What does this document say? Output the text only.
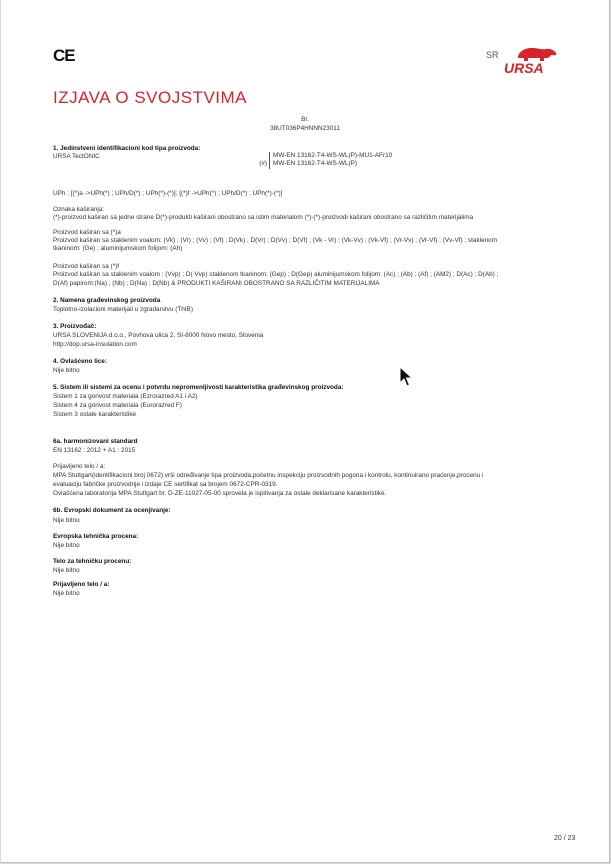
CE	SR
URSA
IZJAVA O SVOJSTVIMA
Br.
38UT036P4HNNN23011
1. Jedinstveni identifikacioni kod tipa proizvoda:
URSA TectONIC	MW-EN 13162-T4-WS-WL(P)-MU1-AFr10
(#) MW-EN 13162-T4-WS-WL(P)
UPh ; [(*)a ->UPh(*) ; UPh/D(*) ; UPh(*)-(*)]; [(*)f ->UPh(*) ; UPh/D(*) ; UPh(*)-(*)]
Oznaka kaširanja:
(*)-proizvod kaširan sa jedne strane D(*)-produkti kaširani obostrano sa istim materialom (*)-(*)-proizvodi kaširani obostrano sa različitim materijalima
Proizvod kaširan sa (*)a
Proizvod kaširan sa staklenim voalom: (Vk) ; (Vr) ; (Vv) ; (Vf) ; D(Vk) ; D(Vr) ; D(Vv) ; D(Vf) ; (Vk - Vr) ; (Vk-Vv) ; (Vk-Vf) ; (Vr-Vv) ; (Vr-Vf) ; (Vv-Vf) ; staklenom
tkaninom: (Ge) ; aluminijumskom folijom: (Ah)
Proizvod kaširan sa (*)f
Proizvod kaširan sa staklenim voalom : (Vvp) ; D( Vvp) staklenom tkaninom: (Gep) ; D(Gep) aluminijumskom folijom: (Ac) ; (Ab) ; (Af) ; (AM2) ; D(Ac) ; D(Ab) ;
D(Af) papirom:(Na) ; (Nb) ; D(Na) ; D(Nb) & PRODUKTI KAŠIRANI OBOSTRANO SA RAZLIČITIM MATERIJALIMA
2. Namena građevinskog proizvoda
Toplotno-izolacioni materijali u zgradarstvu (ThIB)
3. Proizvođač:
URSA SLOVENIJA d.o.o., Povhova ulica 2, SI-8000 Novo mesto, Slovenia
http://dop.ursa-insulation.com
4. Ovlašćeno lice:
Nije bitno
5. Sistem ili sistemi za ocenu i potvrdu nepromenljivosti karakteristika građevinskog proizvoda:
Sistem 1 za gorivost materiala (Ezrorazred A1 i A2)
Sistem 4 za gorivost materiala (Eurorazred F)
Sistem 3 ostale karakteristike
6a. harmonizovani standard
EN 13162 : 2012 + A1 : 2015
Prijavljeno telo / a:
MPA Stuttgart(identifikacioni broj 0672) vrši određivanje tipa proizvoda,početnu inspekciju proizvodnih pogona i kontrolu, kontinuirano praćenje,procenu i
evaluaciju fabričke proizvodnje i izdaje CE sertifikat sa brojem 0672-CPR-0319.
Ovlašćena laboratorija MPA Stuttgart br. D-ZE-11027-05-00 sprovela je ispitivanja za ostale deklarisane karakteristike.
6b. Evropski dokument za ocenjivanje:
Nije bitno
Evropska tehnička procena:
Nije bitno
Telo za tehničku procenu:
Nije bitno
Prijavljeno telo / a:
Nije bitno
20 / 23
